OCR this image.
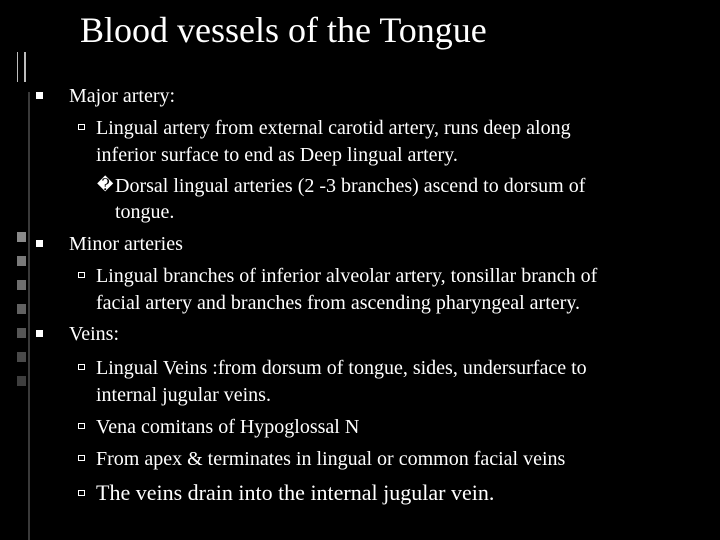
Blood vessels of the Tongue
Major artery:
Lingual artery from external carotid artery, runs deep along
inferior surface to end as Deep lingual artery.
� Dorsal lingual arteries (2 -3 branches) ascend to dorsum of
tongue.
Minor arteries
Lingual branches of inferior alveolar artery, tonsillar branch of
facial artery and branches from ascending pharyngeal artery.
Veins:
Lingual Veins :from dorsum of tongue, sides, undersurface to
internal jugular veins.
Vena comitans of Hypoglossal N
From apex & terminates in lingual or common facial veins
The veins drain into the internal jugular vein.
